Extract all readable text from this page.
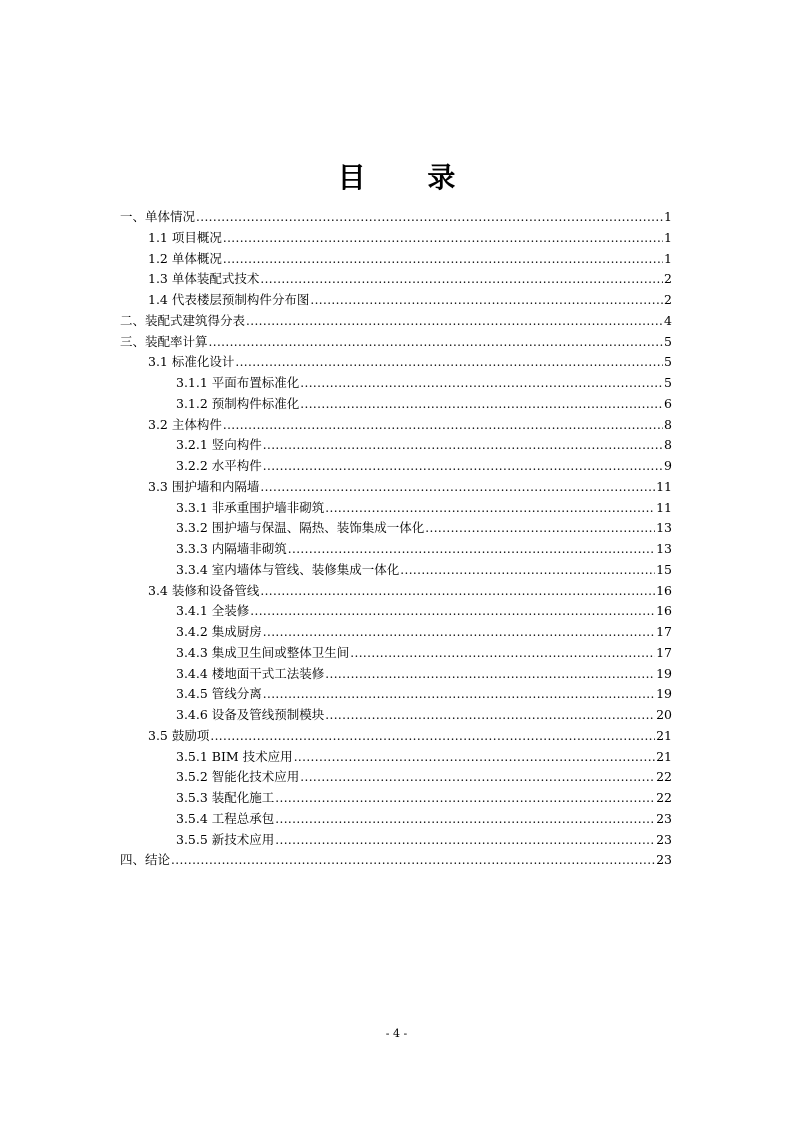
目 录
一、单体情况 .....	1
1.1 项目概况 .....	1
1.2 单体概况 .....	1
1.3 单体装配式技术 .....	2
1.4 代表楼层预制构件分布图 .....	2
二、装配式建筑得分表 .....	4
三、装配率计算 .....	5
3.1 标准化设计 .....	5
3.1.1 平面布置标准化 .....	5
3.1.2 预制构件标准化 .....	6
3.2 主体构件 .....	8
3.2.1 竖向构件 .....	8
3.2.2 水平构件 .....	9
3.3 围护墙和内隔墙 .....	11
3.3.1 非承重围护墙非砌筑 .....	11
3.3.2 围护墙与保温、隔热、装饰集成一体化 .....	13
3.3.3 内隔墙非砌筑 .....	13
3.3.4 室内墙体与管线、装修集成一体化 .....	15
3.4 装修和设备管线 .....	16
3.4.1 全装修 .....	16
3.4.2 集成厨房 .....	17
3.4.3 集成卫生间或整体卫生间 .....	17
3.4.4 楼地面干式工法装修 .....	19
3.4.5 管线分离 .....	19
3.4.6 设备及管线预制模块 .....	20
3.5 鼓励项 .....	21
3.5.1 BIM 技术应用 .....	21
3.5.2 智能化技术应用 .....	22
3.5.3 装配化施工 .....	22
3.5.4 工程总承包 .....	23
3.5.5 新技术应用 .....	23
四、结论 .....	23
- 4 -
